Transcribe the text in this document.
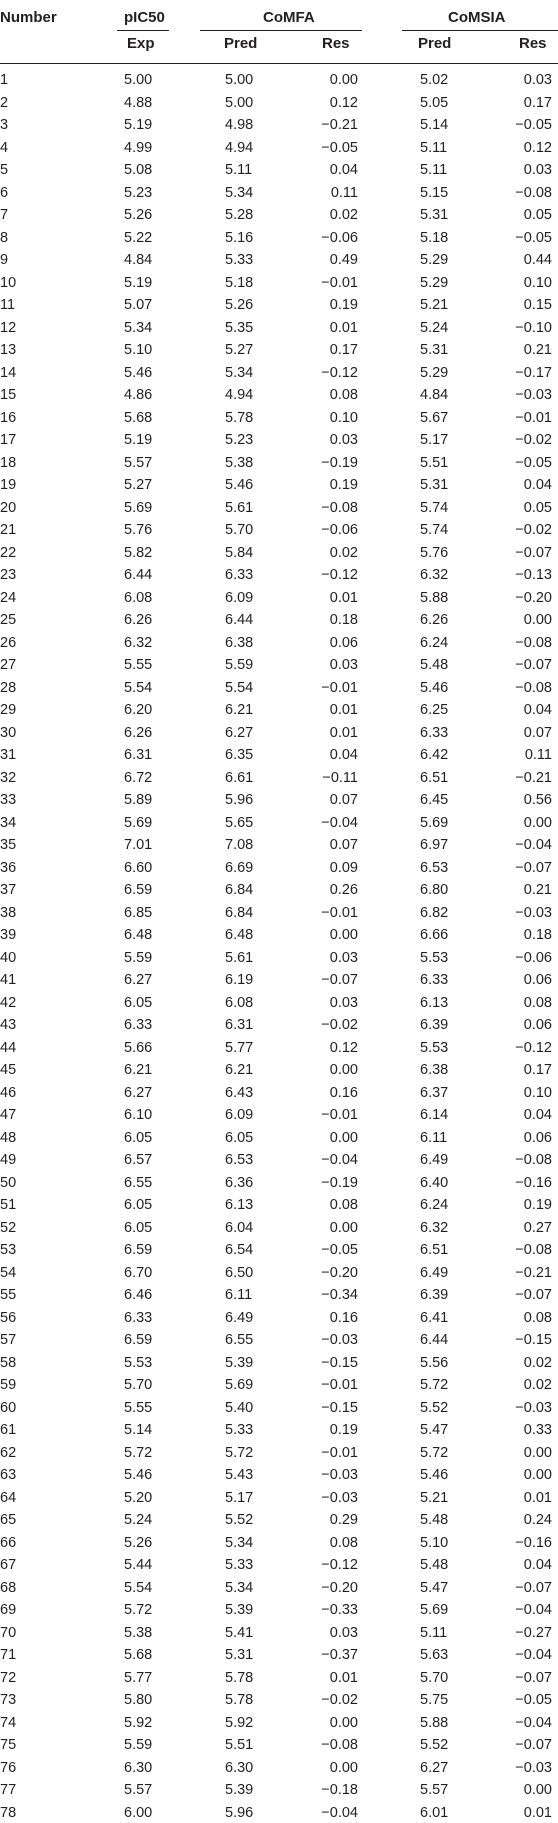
Number	pIC50	CoMFA	CoMSIA
Exp	Pred	Res	Pred	Res
1	5.00	5.00	0.00	5.02	0.03
2	4.88	5.00	0.12	5.05	0.17
3	5.19	4.98	−0.21	5.14	−0.05
4	4.99	4.94	−0.05	5.11	0.12
5	5.08	5.11	0.04	5.11	0.03
6	5.23	5.34	0.11	5.15	−0.08
7	5.26	5.28	0.02	5.31	0.05
8	5.22	5.16	−0.06	5.18	−0.05
9	4.84	5.33	0.49	5.29	0.44
10	5.19	5.18	−0.01	5.29	0.10
11	5.07	5.26	0.19	5.21	0.15
12	5.34	5.35	0.01	5.24	−0.10
13	5.10	5.27	0.17	5.31	0.21
14	5.46	5.34	−0.12	5.29	−0.17
15	4.86	4.94	0.08	4.84	−0.03
16	5.68	5.78	0.10	5.67	−0.01
17	5.19	5.23	0.03	5.17	−0.02
18	5.57	5.38	−0.19	5.51	−0.05
19	5.27	5.46	0.19	5.31	0.04
20	5.69	5.61	−0.08	5.74	0.05
21	5.76	5.70	−0.06	5.74	−0.02
22	5.82	5.84	0.02	5.76	−0.07
23	6.44	6.33	−0.12	6.32	−0.13
24	6.08	6.09	0.01	5.88	−0.20
25	6.26	6.44	0.18	6.26	0.00
26	6.32	6.38	0.06	6.24	−0.08
27	5.55	5.59	0.03	5.48	−0.07
28	5.54	5.54	−0.01	5.46	−0.08
29	6.20	6.21	0.01	6.25	0.04
30	6.26	6.27	0.01	6.33	0.07
31	6.31	6.35	0.04	6.42	0.11
32	6.72	6.61	−0.11	6.51	−0.21
33	5.89	5.96	0.07	6.45	0.56
34	5.69	5.65	−0.04	5.69	0.00
35	7.01	7.08	0.07	6.97	−0.04
36	6.60	6.69	0.09	6.53	−0.07
37	6.59	6.84	0.26	6.80	0.21
38	6.85	6.84	−0.01	6.82	−0.03
39	6.48	6.48	0.00	6.66	0.18
40	5.59	5.61	0.03	5.53	−0.06
41	6.27	6.19	−0.07	6.33	0.06
42	6.05	6.08	0.03	6.13	0.08
43	6.33	6.31	−0.02	6.39	0.06
44	5.66	5.77	0.12	5.53	−0.12
45	6.21	6.21	0.00	6.38	0.17
46	6.27	6.43	0.16	6.37	0.10
47	6.10	6.09	−0.01	6.14	0.04
48	6.05	6.05	0.00	6.11	0.06
49	6.57	6.53	−0.04	6.49	−0.08
50	6.55	6.36	−0.19	6.40	−0.16
51	6.05	6.13	0.08	6.24	0.19
52	6.05	6.04	0.00	6.32	0.27
53	6.59	6.54	−0.05	6.51	−0.08
54	6.70	6.50	−0.20	6.49	−0.21
55	6.46	6.11	−0.34	6.39	−0.07
56	6.33	6.49	0.16	6.41	0.08
57	6.59	6.55	−0.03	6.44	−0.15
58	5.53	5.39	−0.15	5.56	0.02
59	5.70	5.69	−0.01	5.72	0.02
60	5.55	5.40	−0.15	5.52	−0.03
61	5.14	5.33	0.19	5.47	0.33
62	5.72	5.72	−0.01	5.72	0.00
63	5.46	5.43	−0.03	5.46	0.00
64	5.20	5.17	−0.03	5.21	0.01
65	5.24	5.52	0.29	5.48	0.24
66	5.26	5.34	0.08	5.10	−0.16
67	5.44	5.33	−0.12	5.48	0.04
68	5.54	5.34	−0.20	5.47	−0.07
69	5.72	5.39	−0.33	5.69	−0.04
70	5.38	5.41	0.03	5.11	−0.27
71	5.68	5.31	−0.37	5.63	−0.04
72	5.77	5.78	0.01	5.70	−0.07
73	5.80	5.78	−0.02	5.75	−0.05
74	5.92	5.92	0.00	5.88	−0.04
75	5.59	5.51	−0.08	5.52	−0.07
76	6.30	6.30	0.00	6.27	−0.03
77	5.57	5.39	−0.18	5.57	0.00
78	6.00	5.96	−0.04	6.01	0.01
